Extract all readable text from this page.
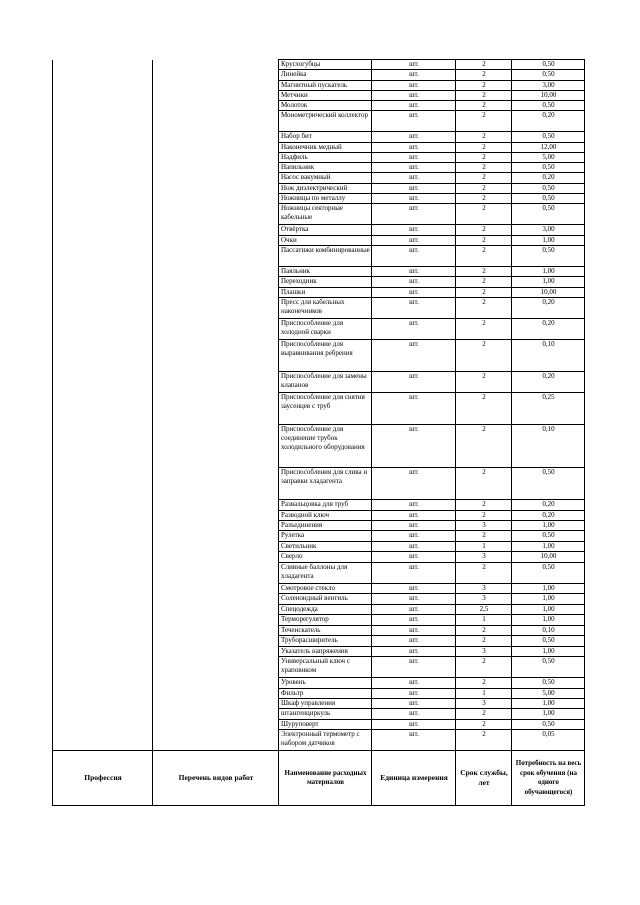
		Круглогубцы	шт.	2	0,50
		Линейка	шт.	2	0,50
		Магнитный пускатель	шт.	2	3,00
		Метчики	шт.	2	10,00
		Молоток	шт.	2	0,50
		Монометрический коллектор	шт.	2	0,20
		Набор бит	шт.	2	0,50
		Наконечник медный	шт.	2	12,00
		Надфиль	шт.	2	5,00
		Напильник	шт.	2	0,50
		Насос вакумный	шт.	2	0,20
		Нож диэлектрический	шт.	2	0,50
		Ножницы по металлу	шт.	2	0,50
		Ножницы секторные кабельные	шт.	2	0,50
		Отвёртка	шт.	2	3,00
		Очки	шт.	2	1,00
		Пассатижи комбинированные	шт.	2	0,50
		Паяльник	шт.	2	1,00
		Переходник	шт.	2	1,00
		Плашки	шт.	2	10,00
		Пресс для кабельных наконечников	шт.	2	0,20
		Приспособление для холодной сварки	шт.	2	0,20
		Приспособление для выравнивания ребрения	шт.	2	0,10
		Приспособление для замены клапанов	шт.	2	0,20
		Приспособление для снятия заусенцев с труб	шт.	2	0,25
		Приспособление для соединение трубок холодильного оборудования	шт.	2	0,10
		Приспособления для слива и заправки хладагента	шт.	2	0,50
		Развальцовка для труб	шт.	2	0,20
		Разводной ключ	шт.	2	0,20
		Разъединения	шт.	3	1,00
		Рулетка	шт.	2	0,50
		Светильник	шт.	1	1,00
		Сверло	шт.	3	10,00
		Сливные баллоны для хладагента	шт.	2	0,50
		Смотровое стекло	шт.	3	1,00
		Соленоидный вентиль	шт.	3	1,00
		Спецодежда	шт.	2,5	1,00
		Терморегулятор	шт.	1	1,00
		Течеискатель	шт.	2	0,10
		Труборасширитель	шт.	2	0,50
		Указатель напряжения	шт.	3	1,00
		Универсальный ключ с храповиком	шт.	2	0,50
		Уровень	шт.	2	0,50
		Фильтр	шт.	1	5,00
		Шкаф управления	шт.	3	1,00
		штангенциркуль	шт.	2	1,00
		Шуруповерт	шт.	2	0,50
		Электронный термометр с набором датчиков	шт.	2	0,05
Профессия	Перечень видов работ	Наименование расходных материалов	Единица измерения	Срок службы, лет	Потребность на весь срок обучения (на одного обучающегося)
